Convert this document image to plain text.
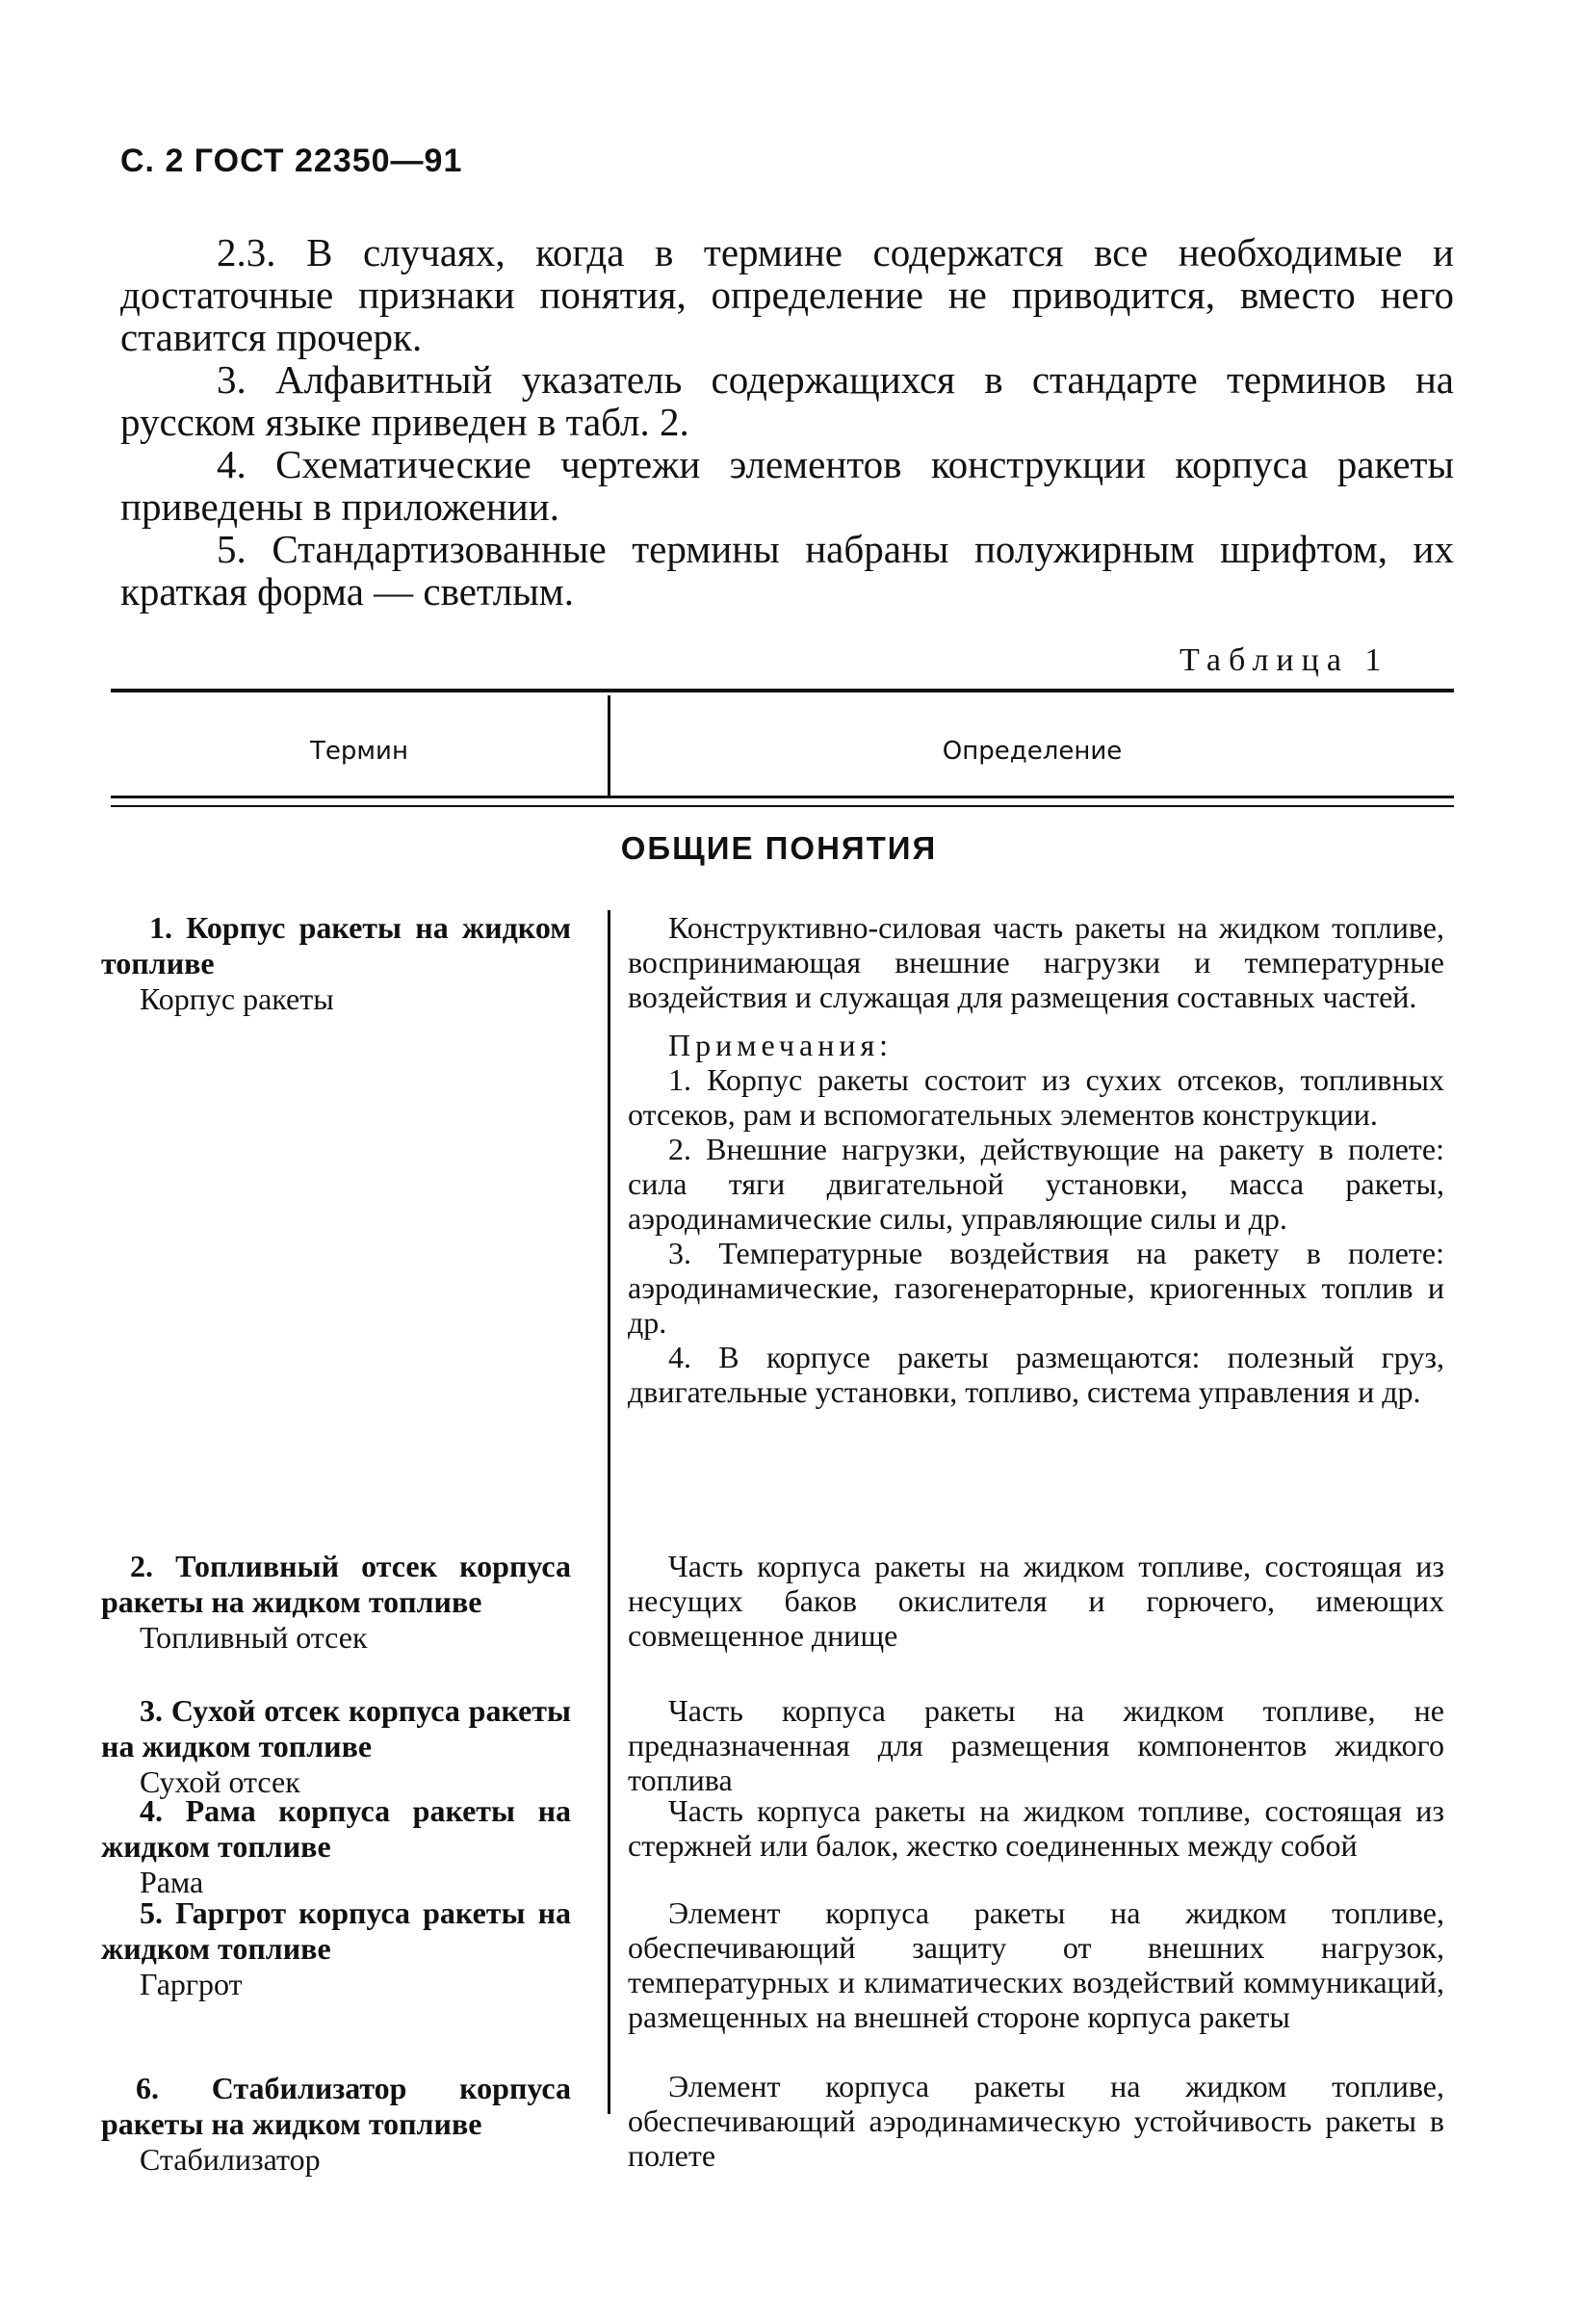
С. 2 ГОСТ 22350—91

2.3. В случаях, когда в термине содержатся все необходимые и достаточные признаки понятия, определение не приводится, вместо него ставится прочерк.

3. Алфавитный указатель содержащихся в стандарте терминов на русском языке приведен в табл. 2.

4. Схематические чертежи элементов конструкции корпуса ракеты приведены в приложении.

5. Стандартизованные термины набраны полужирным шрифтом, их краткая форма — светлым.

Таблица 1
Термин	Определение
ОБЩИЕ ПОНЯТИЯ
1. Корпус ракеты на жидком топливе
Корпус ракеты

Конструктивно-силовая часть ракеты на жидком топливе, воспринимающая внешние нагрузки и температурные воздействия и служащая для размещения составных частей.

Примечания:

1. Корпус ракеты состоит из сухих отсеков, топливных отсеков, рам и вспомогательных элементов конструкции.

2. Внешние нагрузки, действующие на ракету в полете: сила тяги двигательной установки, масса ракеты, аэродинамические силы, управляющие силы и др.

3. Температурные воздействия на ракету в полете: аэродинамические, газогенераторные, криогенных топлив и др.

4. В корпусе ракеты размещаются: полезный груз, двигательные установки, топливо, система управления и др.

2. Топливный отсек корпуса ракеты на жидком топливе
Топливный отсек

Часть корпуса ракеты на жидком топливе, состоящая из несущих баков окислителя и горючего, имеющих совмещенное днище

3. Сухой отсек корпуса ракеты на жидком топливе
Сухой отсек

Часть корпуса ракеты на жидком топливе, не предназначенная для размещения компонентов жидкого топлива

4. Рама корпуса ракеты на жидком топливе
Рама

Часть корпуса ракеты на жидком топливе, состоящая из стержней или балок, жестко соединенных между собой

5. Гаргрот корпуса ракеты на жидком топливе
Гаргрот

Элемент корпуса ракеты на жидком топливе, обеспечивающий защиту от внешних нагрузок, температурных и климатических воздействий коммуникаций, размещенных на внешней стороне корпуса ракеты

6. Стабилизатор корпуса ракеты на жидком топливе
Стабилизатор

Элемент корпуса ракеты на жидком топливе, обеспечивающий аэродинамическую устойчивость ракеты в полете
